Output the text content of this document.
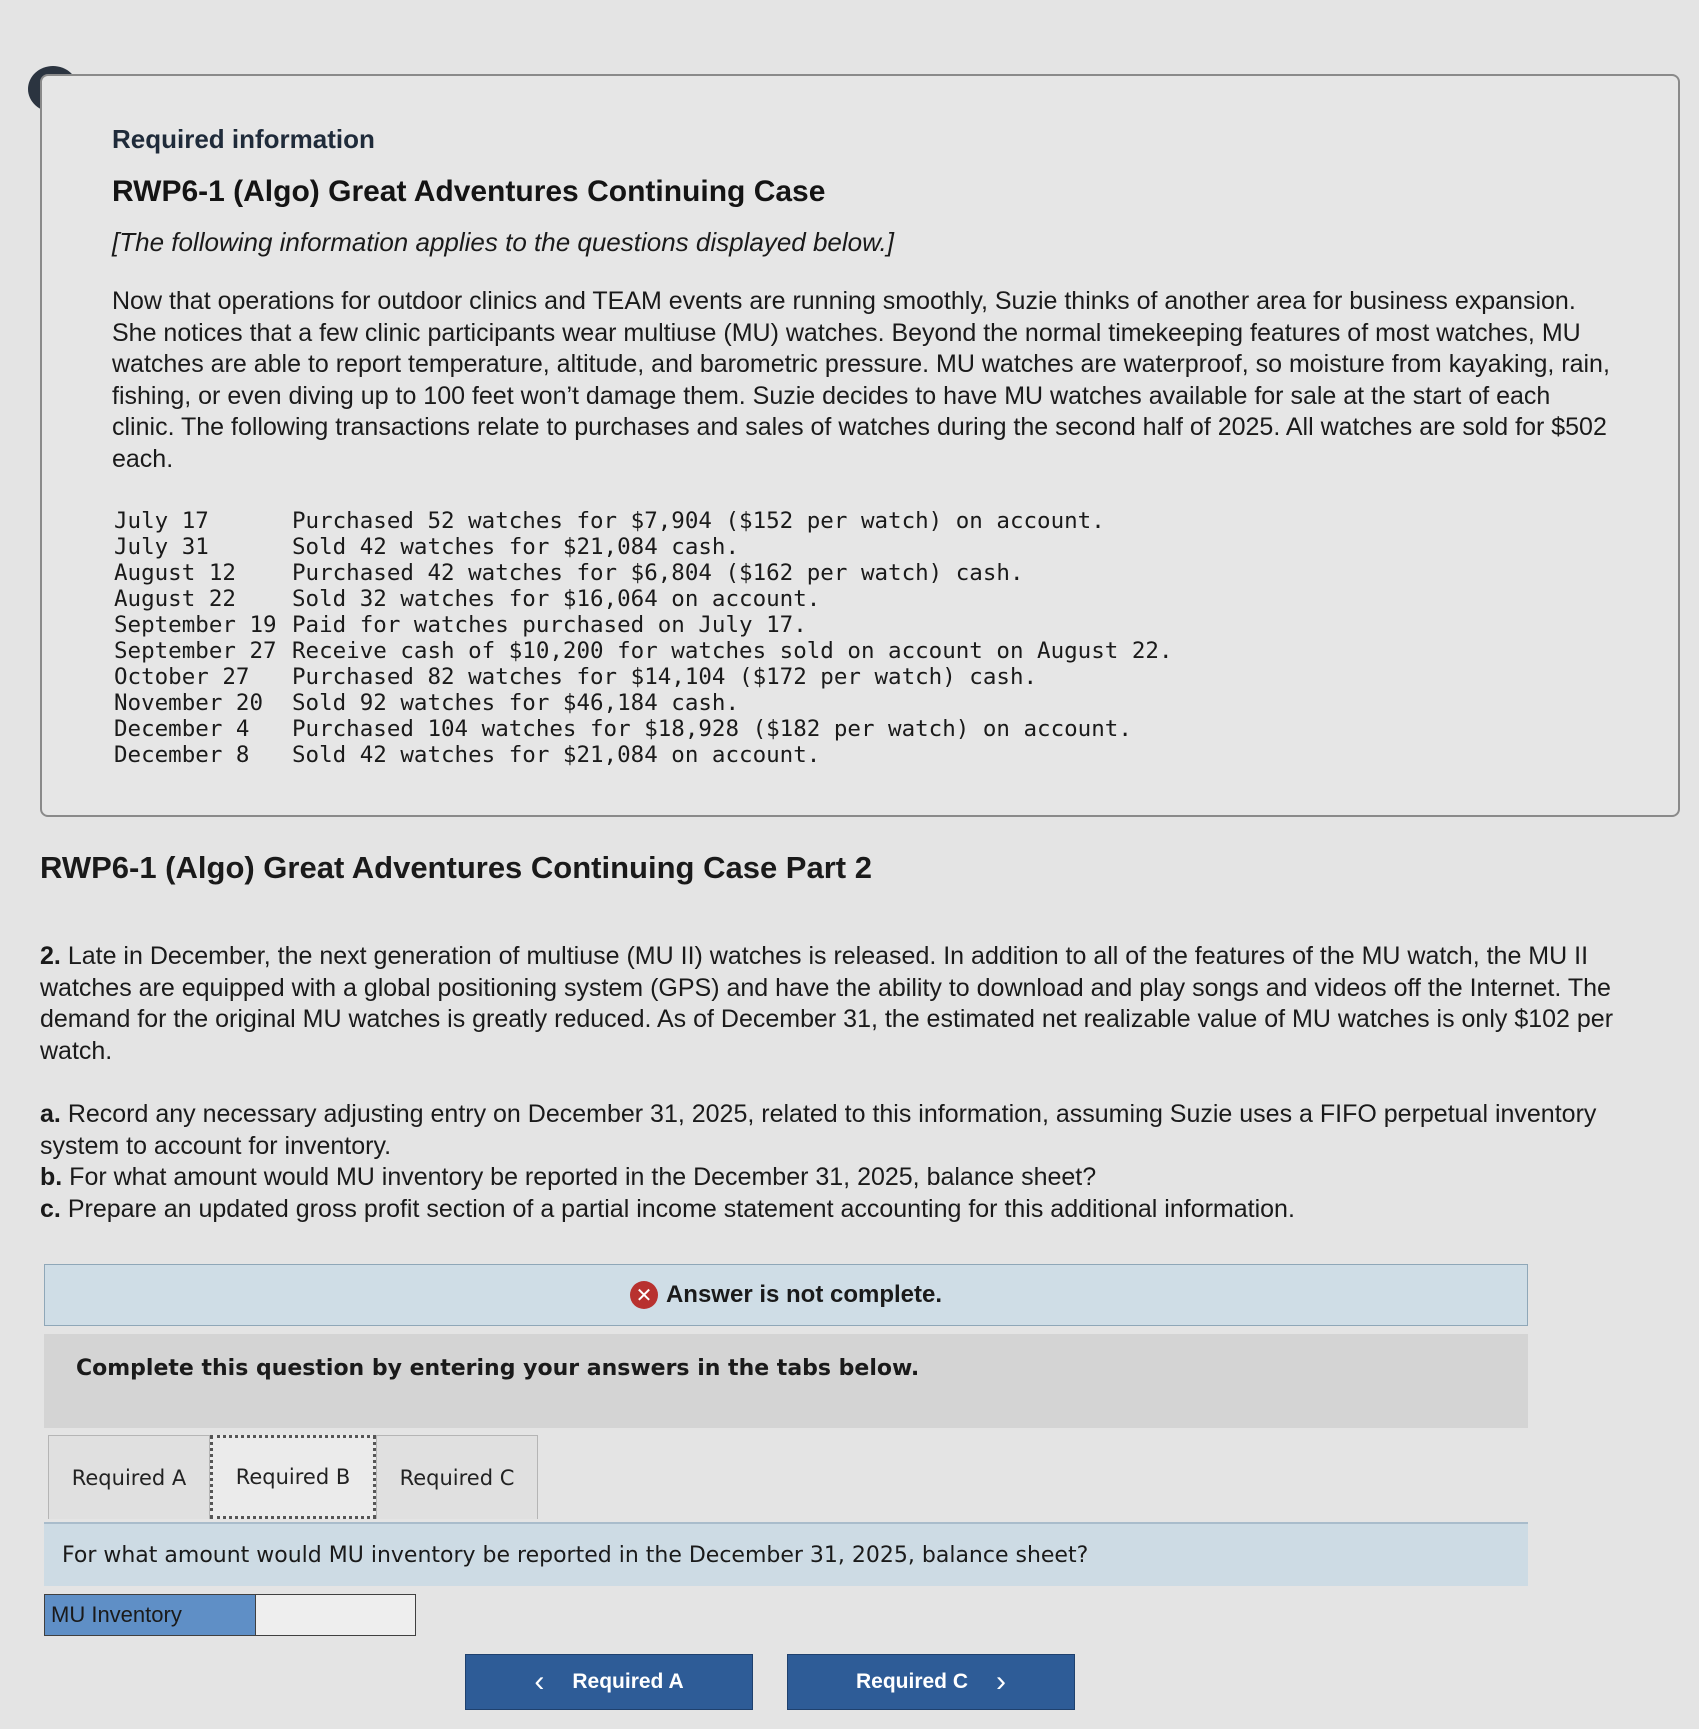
Required information
RWP6-1 (Algo) Great Adventures Continuing Case
[The following information applies to the questions displayed below.]
Now that operations for outdoor clinics and TEAM events are running smoothly, Suzie thinks of another area for business expansion. She notices that a few clinic participants wear multiuse (MU) watches. Beyond the normal timekeeping features of most watches, MU watches are able to report temperature, altitude, and barometric pressure. MU watches are waterproof, so moisture from kayaking, rain, fishing, or even diving up to 100 feet won’t damage them. Suzie decides to have MU watches available for sale at the start of each clinic. The following transactions relate to purchases and sales of watches during the second half of 2025. All watches are sold for $502 each.
July 17	Purchased 52 watches for $7,904 ($152 per watch) on account.
July 31	Sold 42 watches for $21,084 cash.
August 12	Purchased 42 watches for $6,804 ($162 per watch) cash.
August 22	Sold 32 watches for $16,064 on account.
September 19 Paid for watches purchased on July 17.
September 27 Receive cash of $10,200 for watches sold on account on August 22.
October 27	Purchased 82 watches for $14,104 ($172 per watch) cash.
November 20	Sold 92 watches for $46,184 cash.
December 4	Purchased 104 watches for $18,928 ($182 per watch) on account.
December 8	Sold 42 watches for $21,084 on account.
RWP6-1 (Algo) Great Adventures Continuing Case Part 2
2. Late in December, the next generation of multiuse (MU II) watches is released. In addition to all of the features of the MU watch, the MU II watches are equipped with a global positioning system (GPS) and have the ability to download and play songs and videos off the Internet. The demand for the original MU watches is greatly reduced. As of December 31, the estimated net realizable value of MU watches is only $102 per watch.
a. Record any necessary adjusting entry on December 31, 2025, related to this information, assuming Suzie uses a FIFO perpetual inventory system to account for inventory.
b. For what amount would MU inventory be reported in the December 31, 2025, balance sheet?
c. Prepare an updated gross profit section of a partial income statement accounting for this additional information.
✕ Answer is not complete.
Complete this question by entering your answers in the tabs below.
Required A	Required B	Required C
For what amount would MU inventory be reported in the December 31, 2025, balance sheet?
MU Inventory
‹ Required A	Required C ›
